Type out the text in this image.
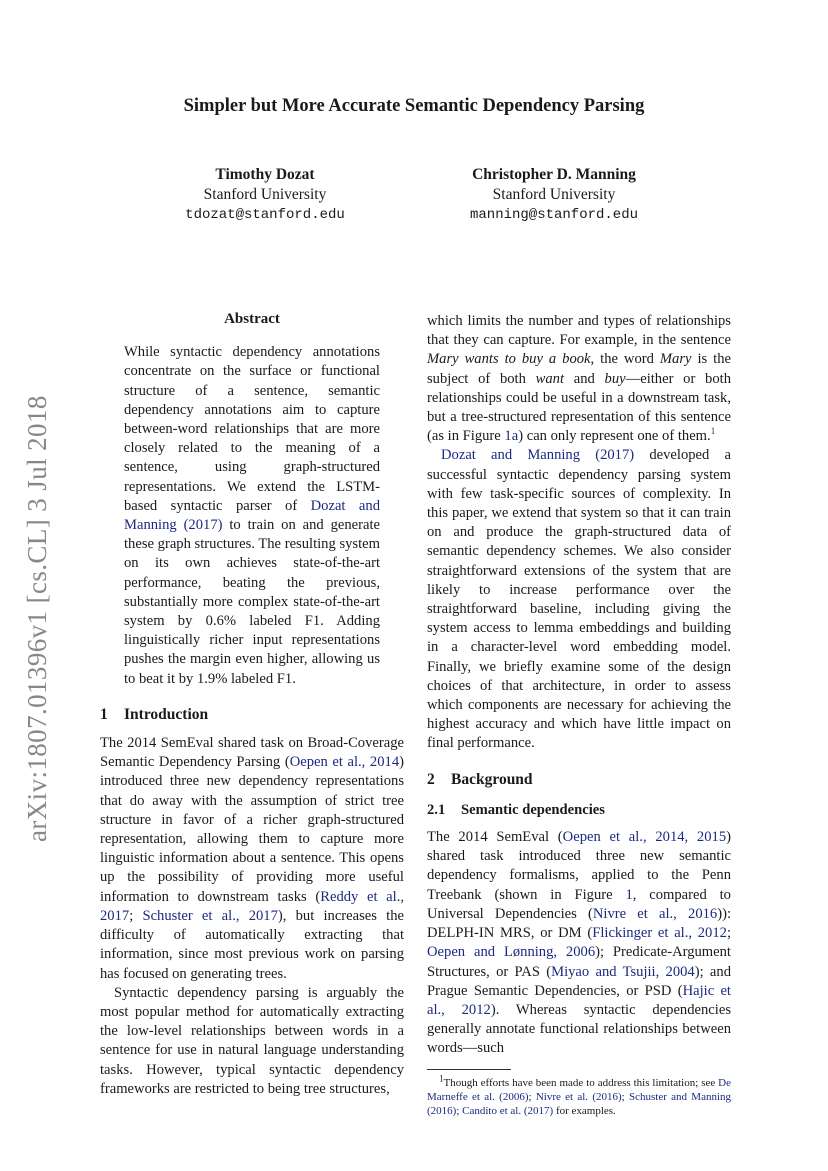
Simpler but More Accurate Semantic Dependency Parsing
Timothy Dozat
Stanford University
tdozat@stanford.edu
Christopher D. Manning
Stanford University
manning@stanford.edu
arXiv:1807.01396v1 [cs.CL] 3 Jul 2018
Abstract

While syntactic dependency annotations concentrate on the surface or functional structure of a sentence, semantic dependency annotations aim to capture between-word relationships that are more closely related to the meaning of a sentence, using graph-structured representations. We extend the LSTM-based syntactic parser of Dozat and Manning (2017) to train on and generate these graph structures. The resulting system on its own achieves state-of-the-art performance, beating the previous, substantially more complex state-of-the-art system by 0.6% labeled F1. Adding linguistically richer input representations pushes the margin even higher, allowing us to beat it by 1.9% labeled F1.

1 Introduction

The 2014 SemEval shared task on Broad-Coverage Semantic Dependency Parsing (Oepen et al., 2014) introduced three new dependency representations that do away with the assumption of strict tree structure in favor of a richer graph-structured representation, allowing them to capture more linguistic information about a sentence. This opens up the possibility of providing more useful information to downstream tasks (Reddy et al., 2017; Schuster et al., 2017), but increases the difficulty of automatically extracting that information, since most previous work on parsing has focused on generating trees.

Syntactic dependency parsing is arguably the most popular method for automatically extracting the low-level relationships between words in a sentence for use in natural language understanding tasks. However, typical syntactic dependency frameworks are restricted to being tree structures,

which limits the number and types of relationships that they can capture. For example, in the sentence Mary wants to buy a book, the word Mary is the subject of both want and buy—either or both relationships could be useful in a downstream task, but a tree-structured representation of this sentence (as in Figure 1a) can only represent one of them.$^1$

Dozat and Manning (2017) developed a successful syntactic dependency parsing system with few task-specific sources of complexity. In this paper, we extend that system so that it can train on and produce the graph-structured data of semantic dependency schemes. We also consider straightforward extensions of the system that are likely to increase performance over the straightforward baseline, including giving the system access to lemma embeddings and building in a character-level word embedding model. Finally, we briefly examine some of the design choices of that architecture, in order to assess which components are necessary for achieving the highest accuracy and which have little impact on final performance.

2 Background
2.1 Semantic dependencies

The 2014 SemEval (Oepen et al., 2014, 2015) shared task introduced three new semantic dependency formalisms, applied to the Penn Treebank (shown in Figure 1, compared to Universal Dependencies (Nivre et al., 2016)): DELPH-IN MRS, or DM (Flickinger et al., 2012; Oepen and Lønning, 2006); Predicate-Argument Structures, or PAS (Miyao and Tsujii, 2004); and Prague Semantic Dependencies, or PSD (Hajic et al., 2012). Whereas syntactic dependencies generally annotate functional relationships between words—such

$^1$Though efforts have been made to address this limitation; see De Marneffe et al. (2006); Nivre et al. (2016); Schuster and Manning (2016); Candito et al. (2017) for examples.
